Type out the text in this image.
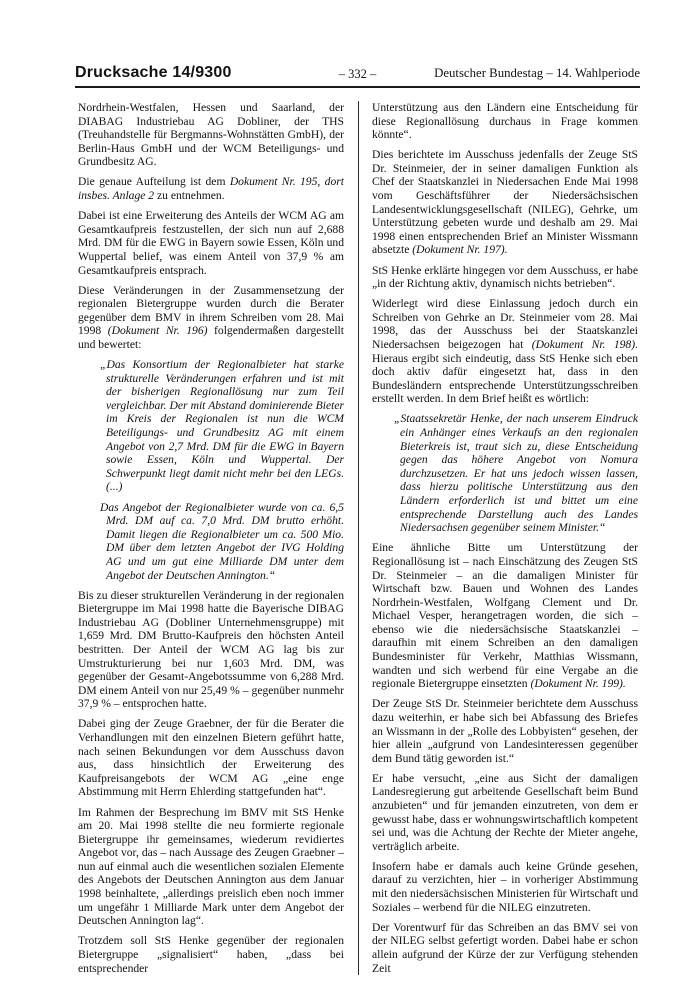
Drucksache 14/9300	– 332 –	Deutscher Bundestag – 14. Wahlperiode
Nordrhein-Westfalen, Hessen und Saarland, der DIABAG Industriebau AG Dobliner, der THS (Treuhandstelle für Bergmanns-Wohnstätten GmbH), der Berlin-Haus GmbH und der WCM Beteiligungs- und Grundbesitz AG.
Die genaue Aufteilung ist dem Dokument Nr. 195, dort insbes. Anlage 2 zu entnehmen.
Dabei ist eine Erweiterung des Anteils der WCM AG am Gesamtkaufpreis festzustellen, der sich nun auf 2,688 Mrd. DM für die EWG in Bayern sowie Essen, Köln und Wuppertal belief, was einem Anteil von 37,9 % am Gesamtkaufpreis entsprach.
Diese Veränderungen in der Zusammensetzung der regionalen Bietergruppe wurden durch die Berater gegenüber dem BMV in ihrem Schreiben vom 28. Mai 1998 (Dokument Nr. 196) folgendermaßen dargestellt und bewertet:
„Das Konsortium der Regionalbieter hat starke strukturelle Veränderungen erfahren und ist mit der bisherigen Regionallösung nur zum Teil vergleichbar. Der mit Abstand dominierende Bieter im Kreis der Regionalen ist nun die WCM Beteiligungs- und Grundbesitz AG mit einem Angebot von 2,7 Mrd. DM für die EWG in Bayern sowie Essen, Köln und Wuppertal. Der Schwerpunkt liegt damit nicht mehr bei den LEGs. (...)
Das Angebot der Regionalbieter wurde von ca. 6,5 Mrd. DM auf ca. 7,0 Mrd. DM brutto erhöht. Damit liegen die Regionalbieter um ca. 500 Mio. DM über dem letzten Angebot der IVG Holding AG und um gut eine Milliarde DM unter dem Angebot der Deutschen Annington.“
Bis zu dieser strukturellen Veränderung in der regionalen Bietergruppe im Mai 1998 hatte die Bayerische DIBAG Industriebau AG (Dobliner Unternehmensgruppe) mit 1,659 Mrd. DM Brutto-Kaufpreis den höchsten Anteil bestritten. Der Anteil der WCM AG lag bis zur Umstrukturierung bei nur 1,603 Mrd. DM, was gegenüber der Gesamt-Angebotssumme von 6,288 Mrd. DM einem Anteil von nur 25,49 % – gegenüber nunmehr 37,9 % – entsprochen hatte.
Dabei ging der Zeuge Graebner, der für die Berater die Verhandlungen mit den einzelnen Bietern geführt hatte, nach seinen Bekundungen vor dem Ausschuss davon aus, dass hinsichtlich der Erweiterung des Kaufpreisangebots der WCM AG „eine enge Abstimmung mit Herrn Ehlerding stattgefunden hat“.
Im Rahmen der Besprechung im BMV mit StS Henke am 20. Mai 1998 stellte die neu formierte regionale Bietergruppe ihr gemeinsames, wiederum revidiertes Angebot vor, das – nach Aussage des Zeugen Graebner – nun auf einmal auch die wesentlichen sozialen Elemente des Angebots der Deutschen Annington aus dem Januar 1998 beinhaltete, „allerdings preislich eben noch immer um ungefähr 1 Milliarde Mark unter dem Angebot der Deutschen Annington lag“.
Trotzdem soll StS Henke gegenüber der regionalen Bietergruppe „signalisiert“ haben, „dass bei entsprechender
Unterstützung aus den Ländern eine Entscheidung für diese Regionallösung durchaus in Frage kommen könnte“.
Dies berichtete im Ausschuss jedenfalls der Zeuge StS Dr. Steinmeier, der in seiner damaligen Funktion als Chef der Staatskanzlei in Niedersachen Ende Mai 1998 vom Geschäftsführer der Niedersächsischen Landesentwicklungsgesellschaft (NILEG), Gehrke, um Unterstützung gebeten wurde und deshalb am 29. Mai 1998 einen entsprechenden Brief an Minister Wissmann absetzte (Dokument Nr. 197).
StS Henke erklärte hingegen vor dem Ausschuss, er habe „in der Richtung aktiv, dynamisch nichts betrieben“.
Widerlegt wird diese Einlassung jedoch durch ein Schreiben von Gehrke an Dr. Steinmeier vom 28. Mai 1998, das der Ausschuss bei der Staatskanzlei Niedersachsen beigezogen hat (Dokument Nr. 198). Hieraus ergibt sich eindeutig, dass StS Henke sich eben doch aktiv dafür eingesetzt hat, dass in den Bundesländern entsprechende Unterstützungsschreiben erstellt werden. In dem Brief heißt es wörtlich:
„Staatssekretär Henke, der nach unserem Eindruck ein Anhänger eines Verkaufs an den regionalen Bieterkreis ist, traut sich zu, diese Entscheidung gegen das höhere Angebot von Nomura durchzusetzen. Er hat uns jedoch wissen lassen, dass hierzu politische Unterstützung aus den Ländern erforderlich ist und bittet um eine entsprechende Darstellung auch des Landes Niedersachsen gegenüber seinem Minister.“
Eine ähnliche Bitte um Unterstützung der Regionallösung ist – nach Einschätzung des Zeugen StS Dr. Steinmeier – an die damaligen Minister für Wirtschaft bzw. Bauen und Wohnen des Landes Nordrhein-Westfalen, Wolfgang Clement und Dr. Michael Vesper, herangetragen worden, die sich – ebenso wie die niedersächsische Staatskanzlei – daraufhin mit einem Schreiben an den damaligen Bundesminister für Verkehr, Matthias Wissmann, wandten und sich werbend für eine Vergabe an die regionale Bietergruppe einsetzten (Dokument Nr. 199).
Der Zeuge StS Dr. Steinmeier berichtete dem Ausschuss dazu weiterhin, er habe sich bei Abfassung des Briefes an Wissmann in der „Rolle des Lobbyisten“ gesehen, der hier allein „aufgrund von Landesinteressen gegenüber dem Bund tätig geworden ist.“
Er habe versucht, „eine aus Sicht der damaligen Landesregierung gut arbeitende Gesellschaft beim Bund anzubieten“ und für jemanden einzutreten, von dem er gewusst habe, dass er wohnungswirtschaftlich kompetent sei und, was die Achtung der Rechte der Mieter angehe, verträglich arbeite.
Insofern habe er damals auch keine Gründe gesehen, darauf zu verzichten, hier – in vorheriger Abstimmung mit den niedersächsischen Ministerien für Wirtschaft und Soziales – werbend für die NILEG einzutreten.
Der Vorentwurf für das Schreiben an das BMV sei von der NILEG selbst gefertigt worden. Dabei habe er schon allein aufgrund der Kürze der zur Verfügung stehenden Zeit
